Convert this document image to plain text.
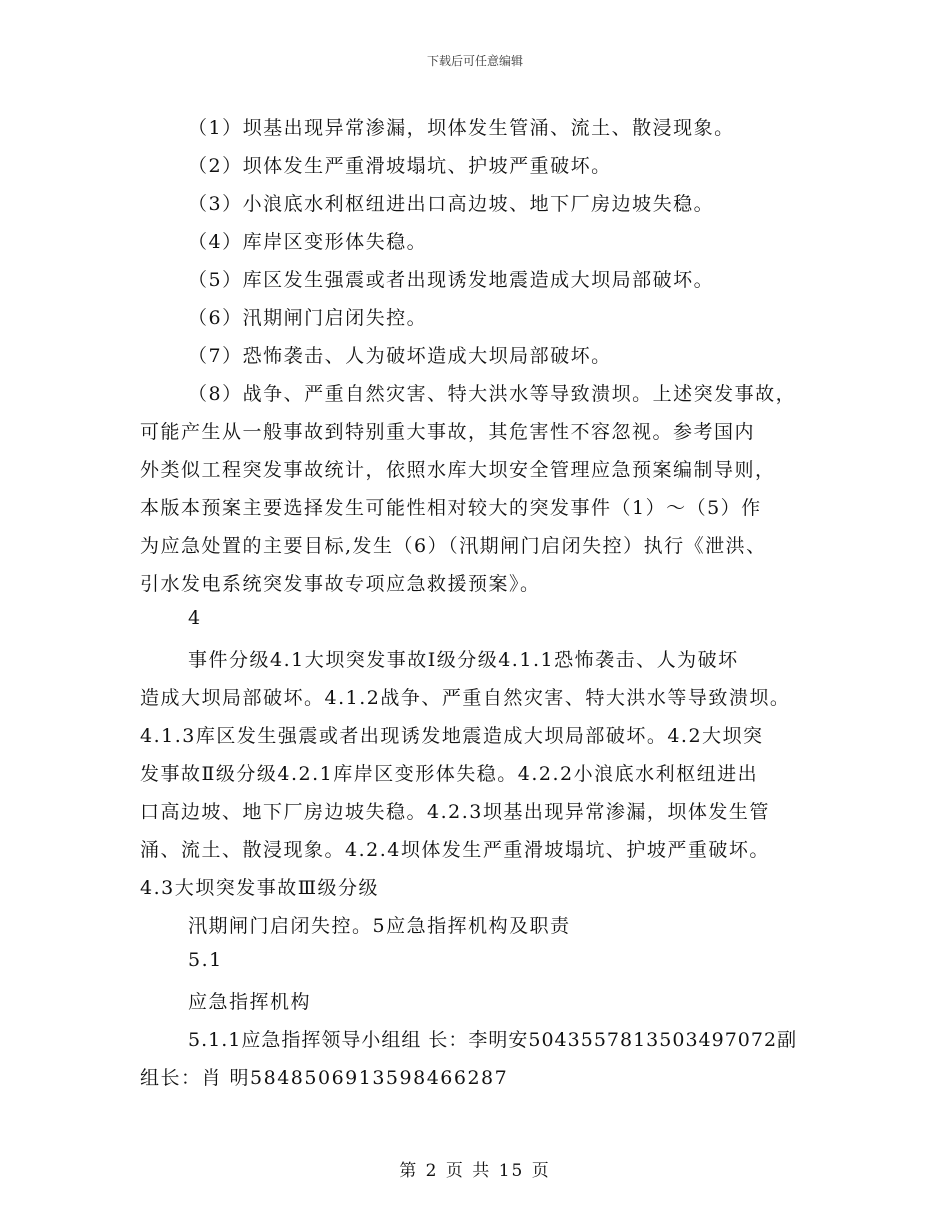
下载后可任意编辑
（1）坝基出现异常渗漏，坝体发生管涌、流土、散浸现象。
（2）坝体发生严重滑坡塌坑、护坡严重破坏。
（3）小浪底水利枢纽进出口高边坡、地下厂房边坡失稳。
（4）库岸区变形体失稳。
（5）库区发生强震或者出现诱发地震造成大坝局部破坏。
（6）汛期闸门启闭失控。
（7）恐怖袭击、人为破坏造成大坝局部破坏。
（8）战争、严重自然灾害、特大洪水等导致溃坝。上述突发事故，
可能产生从一般事故到特别重大事故，其危害性不容忽视。参考国内
外类似工程突发事故统计，依照水库大坝安全管理应急预案编制导则，
本版本预案主要选择发生可能性相对较大的突发事件（1）～（5）作
为应急处置的主要目标,发生（6）（汛期闸门启闭失控）执行《泄洪、
引水发电系统突发事故专项应急救援预案》。
4
事件分级4.1大坝突发事故Ⅰ级分级4.1.1恐怖袭击、人为破坏
造成大坝局部破坏。4.1.2战争、严重自然灾害、特大洪水等导致溃坝。
4.1.3库区发生强震或者出现诱发地震造成大坝局部破坏。4.2大坝突
发事故Ⅱ级分级4.2.1库岸区变形体失稳。4.2.2小浪底水利枢纽进出
口高边坡、地下厂房边坡失稳。4.2.3坝基出现异常渗漏，坝体发生管
涌、流土、散浸现象。4.2.4坝体发生严重滑坡塌坑、护坡严重破坏。
4.3大坝突发事故Ⅲ级分级
汛期闸门启闭失控。5应急指挥机构及职责
5.1
应急指挥机构
5.1.1应急指挥领导小组组 长：李明安5043557813503497072副
组长：肖 明5848506913598466287
第 2 页 共 15 页
